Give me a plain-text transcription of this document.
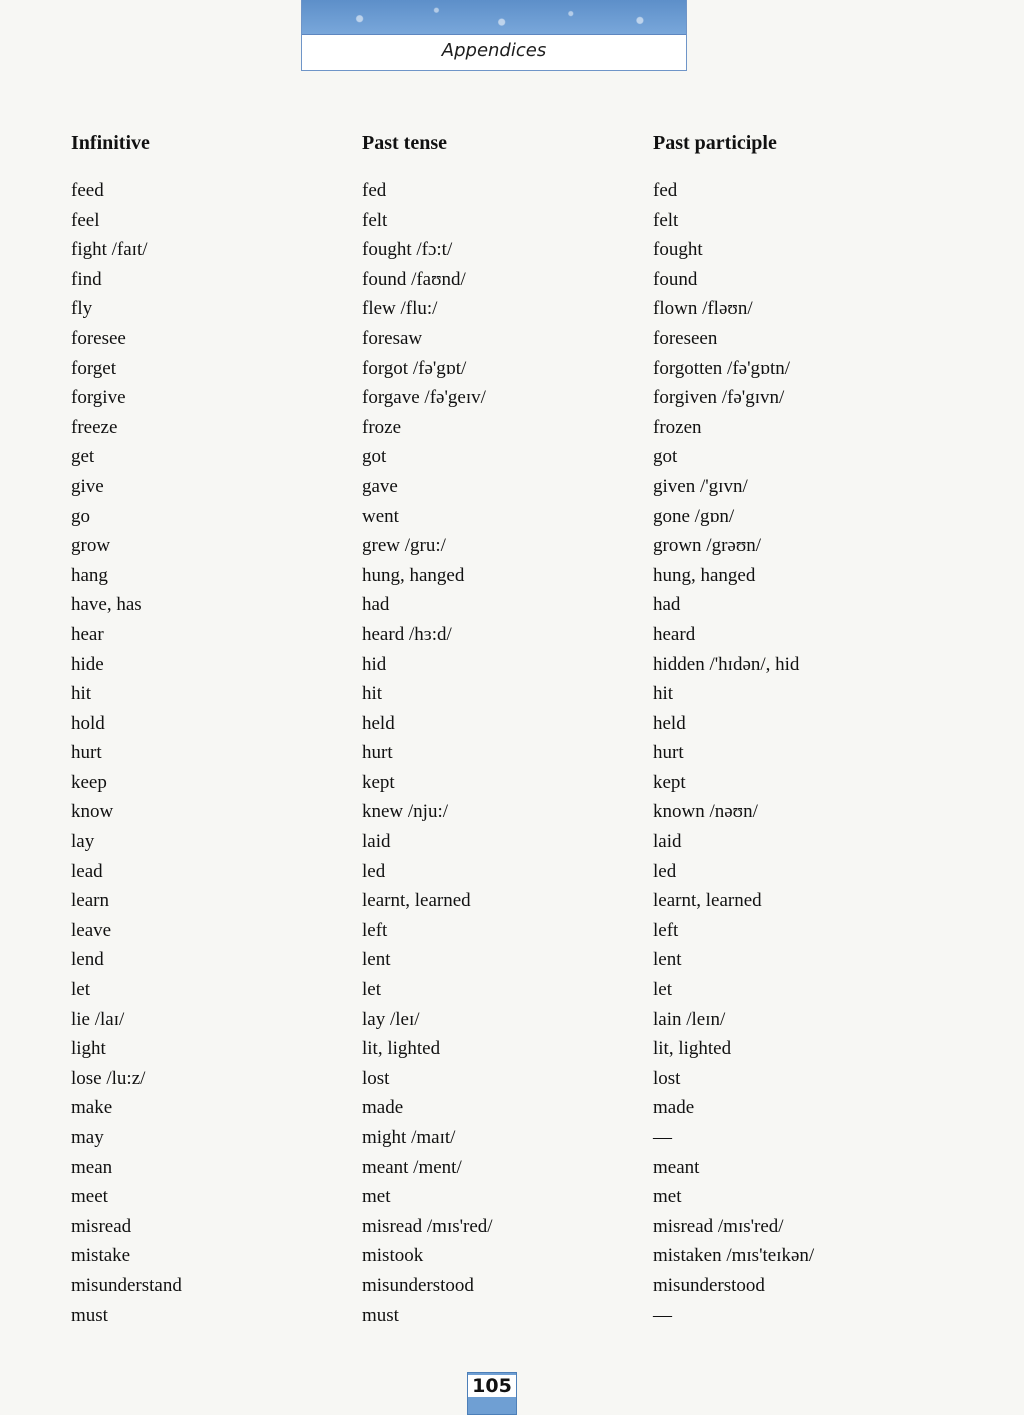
Appendices
Infinitive
feed
feel
fight /faɪt/
find
fly
foresee
forget
forgive
freeze
get
give
go
grow
hang
have, has
hear
hide
hit
hold
hurt
keep
know
lay
lead
learn
leave
lend
let
lie /laɪ/
light
lose /lu:z/
make
may
mean
meet
misread
mistake
misunderstand
must
Past tense
fed
felt
fought /fɔ:t/
found /faʊnd/
flew /flu:/
foresaw
forgot /fə'gɒt/
forgave /fə'geɪv/
froze
got
gave
went
grew /gru:/
hung, hanged
had
heard /hɜ:d/
hid
hit
held
hurt
kept
knew /nju:/
laid
led
learnt, learned
left
lent
let
lay /leɪ/
lit, lighted
lost
made
might /maɪt/
meant /ment/
met
misread /mɪs'red/
mistook
misunderstood
must
Past participle
fed
felt
fought
found
flown /fləʊn/
foreseen
forgotten /fə'gɒtn/
forgiven /fə'gɪvn/
frozen
got
given /'gɪvn/
gone /gɒn/
grown /grəʊn/
hung, hanged
had
heard
hidden /'hɪdən/, hid
hit
held
hurt
kept
known /nəʊn/
laid
led
learnt, learned
left
lent
let
lain /leɪn/
lit, lighted
lost
made
—
meant
met
misread /mɪs'red/
mistaken /mɪs'teɪkən/
misunderstood
—
105
